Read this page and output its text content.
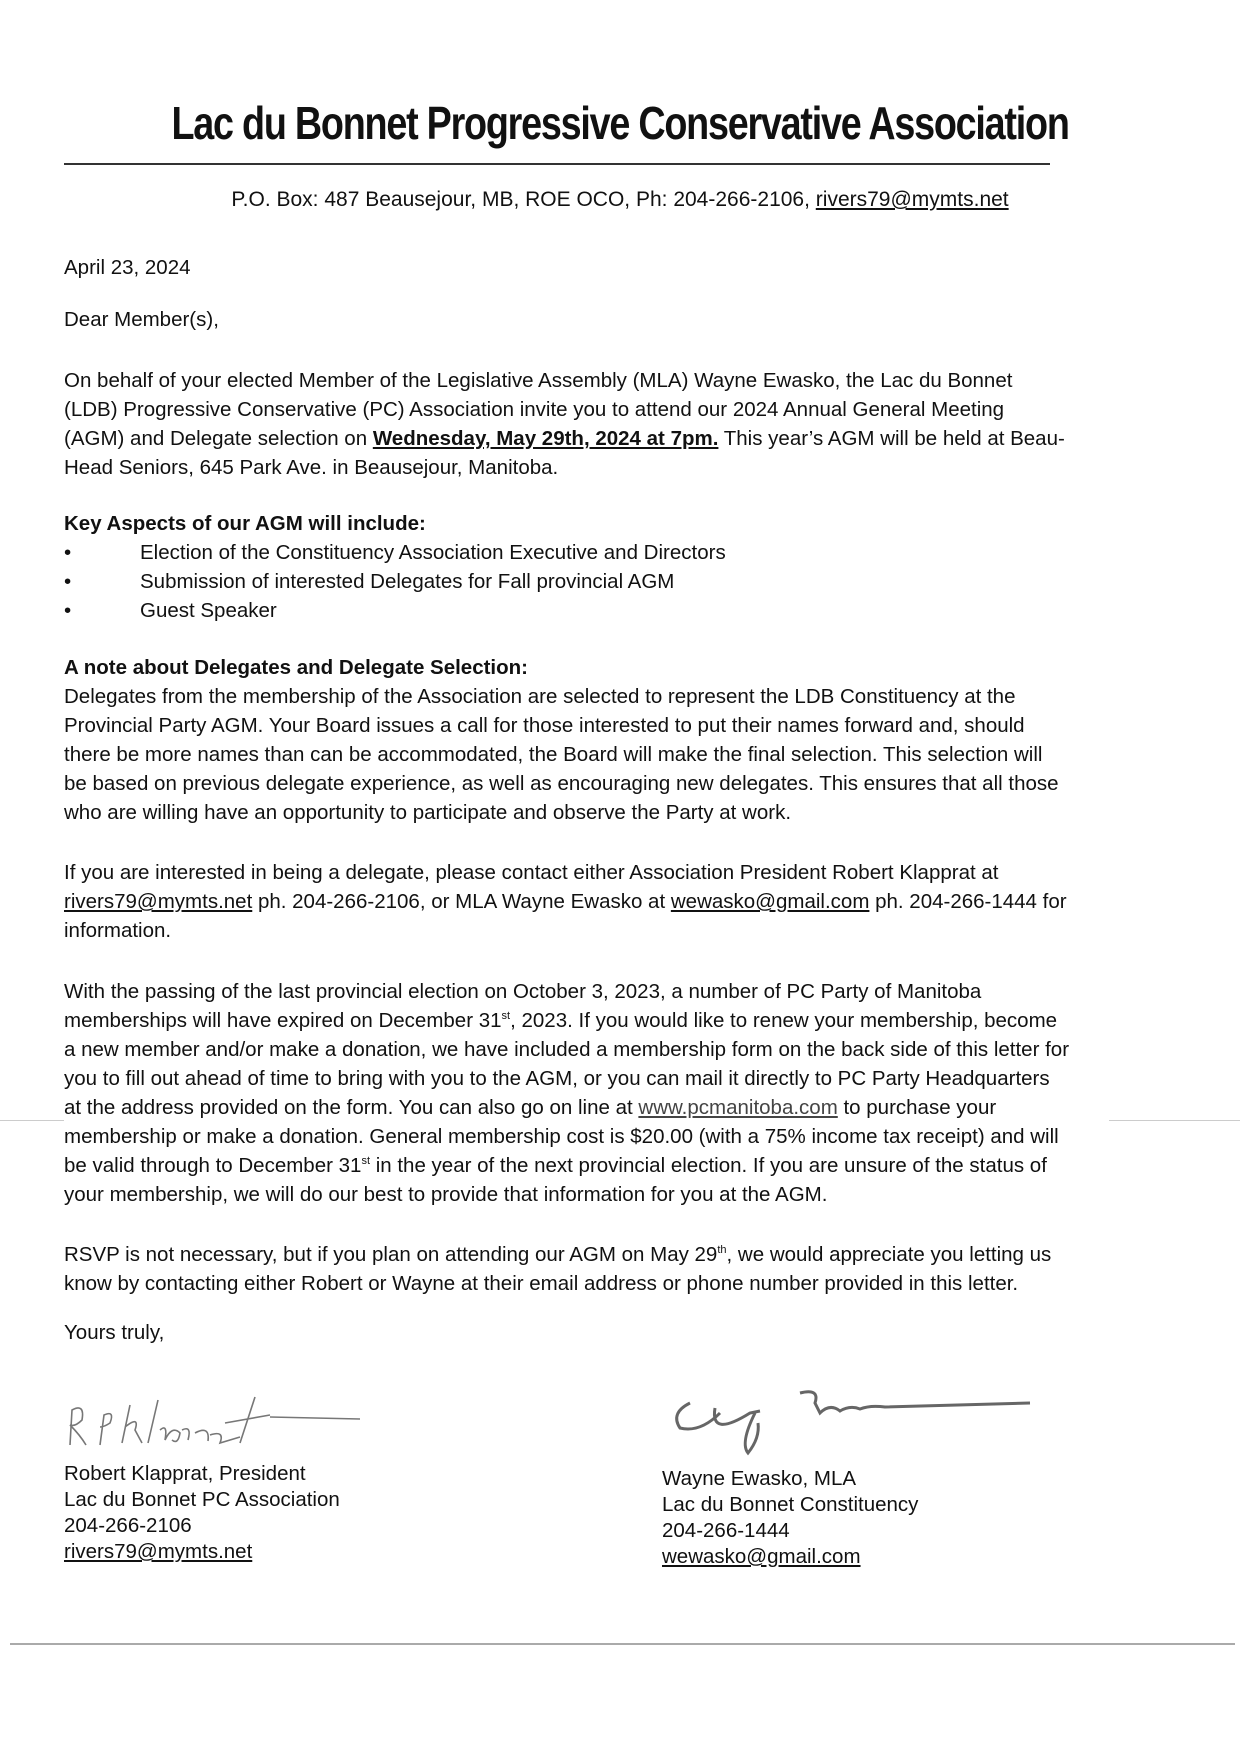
Lac du Bonnet Progressive Conservative Association
P.O. Box: 487 Beausejour, MB, ROE OCO, Ph: 204-266-2106, rivers79@mymts.net
April 23, 2024
Dear Member(s),
On behalf of your elected Member of the Legislative Assembly (MLA) Wayne Ewasko, the Lac du Bonnet
(LDB) Progressive Conservative (PC) Association invite you to attend our 2024 Annual General Meeting
(AGM) and Delegate selection on Wednesday, May 29th, 2024 at 7pm. This year’s AGM will be held at Beau-
Head Seniors, 645 Park Ave. in Beausejour, Manitoba.
Key Aspects of our AGM will include:
•	Election of the Constituency Association Executive and Directors
•	Submission of interested Delegates for Fall provincial AGM
•	Guest Speaker
A note about Delegates and Delegate Selection:
Delegates from the membership of the Association are selected to represent the LDB Constituency at the
Provincial Party AGM. Your Board issues a call for those interested to put their names forward and, should
there be more names than can be accommodated, the Board will make the final selection. This selection will
be based on previous delegate experience, as well as encouraging new delegates. This ensures that all those
who are willing have an opportunity to participate and observe the Party at work.
If you are interested in being a delegate, please contact either Association President Robert Klapprat at
rivers79@mymts.net ph. 204-266-2106, or MLA Wayne Ewasko at wewasko@gmail.com ph. 204-266-1444 for
information.
With the passing of the last provincial election on October 3, 2023, a number of PC Party of Manitoba
memberships will have expired on December 31st, 2023. If you would like to renew your membership, become
a new member and/or make a donation, we have included a membership form on the back side of this letter for
you to fill out ahead of time to bring with you to the AGM, or you can mail it directly to PC Party Headquarters
at the address provided on the form. You can also go on line at www.pcmanitoba.com to purchase your
membership or make a donation. General membership cost is $20.00 (with a 75% income tax receipt) and will
be valid through to December 31st in the year of the next provincial election. If you are unsure of the status of
your membership, we will do our best to provide that information for you at the AGM.
RSVP is not necessary, but if you plan on attending our AGM on May 29th, we would appreciate you letting us
know by contacting either Robert or Wayne at their email address or phone number provided in this letter.
Yours truly,
Robert Klapprat, President
Lac du Bonnet PC Association
204-266-2106
rivers79@mymts.net
Wayne Ewasko, MLA
Lac du Bonnet Constituency
204-266-1444
wewasko@gmail.com
